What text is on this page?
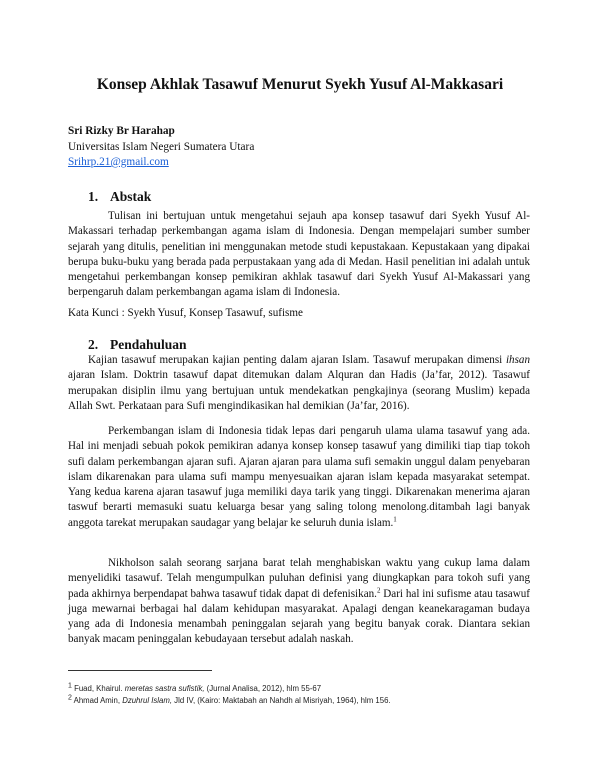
Konsep Akhlak Tasawuf Menurut Syekh Yusuf Al-Makkasari
Sri Rizky Br Harahap
Universitas Islam Negeri Sumatera Utara
Srihrp.21@gmail.com
1. Abstak

Tulisan ini bertujuan untuk mengetahui sejauh apa konsep tasawuf dari Syekh Yusuf Al-Makassari terhadap perkembangan agama islam di Indonesia. Dengan mempelajari sumber sumber sejarah yang ditulis, penelitian ini menggunakan metode studi kepustakaan. Kepustakaan yang dipakai berupa buku-buku yang berada pada perpustakaan yang ada di Medan. Hasil penelitian ini adalah untuk mengetahui perkembangan konsep pemikiran akhlak tasawuf dari Syekh Yusuf Al-Makassari yang berpengaruh dalam perkembangan agama islam di Indonesia.

Kata Kunci : Syekh Yusuf, Konsep Tasawuf, sufisme
2. Pendahuluan

Kajian tasawuf merupakan kajian penting dalam ajaran Islam. Tasawuf merupakan dimensi ihsan ajaran Islam. Doktrin tasawuf dapat ditemukan dalam Alquran dan Hadis (Ja’far, 2012). Tasawuf merupakan disiplin ilmu yang bertujuan untuk mendekatkan pengkajinya (seorang Muslim) kepada Allah Swt. Perkataan para Sufi mengindikasikan hal demikian (Ja’far, 2016).

Perkembangan islam di Indonesia tidak lepas dari pengaruh ulama ulama tasawuf yang ada. Hal ini menjadi sebuah pokok pemikiran adanya konsep konsep tasawuf yang dimiliki tiap tiap tokoh sufi dalam perkembangan ajaran sufi. Ajaran ajaran para ulama sufi semakin unggul dalam penyebaran islam dikarenakan para ulama sufi mampu menyesuaikan ajaran islam kepada masyarakat setempat. Yang kedua karena ajaran tasawuf juga memiliki daya tarik yang tinggi. Dikarenakan menerima ajaran taswuf berarti memasuki suatu keluarga besar yang saling tolong menolong.ditambah lagi banyak anggota tarekat merupakan saudagar yang belajar ke seluruh dunia islam.$^1$

Nikholson salah seorang sarjana barat telah menghabiskan waktu yang cukup lama dalam menyelidiki tasawuf. Telah mengumpulkan puluhan definisi yang diungkapkan para tokoh sufi yang pada akhirnya berpendapat bahwa tasawuf tidak dapat di defenisikan.$^2$ Dari hal ini sufisme atau tasawuf juga mewarnai berbagai hal dalam kehidupan masyarakat. Apalagi dengan keanekaragaman budaya yang ada di Indonesia menambah peninggalan sejarah yang begitu banyak corak. Diantara sekian banyak macam peninggalan kebudayaan tersebut adalah naskah.

$^1$ Fuad, Khairul. meretas sastra sufistik, (Jurnal Analisa, 2012), hlm 55-67
$^2$ Ahmad Amin, Dzuhrul Islam, Jld IV, (Kairo: Maktabah an Nahdh al Misriyah, 1964), hlm 156.
